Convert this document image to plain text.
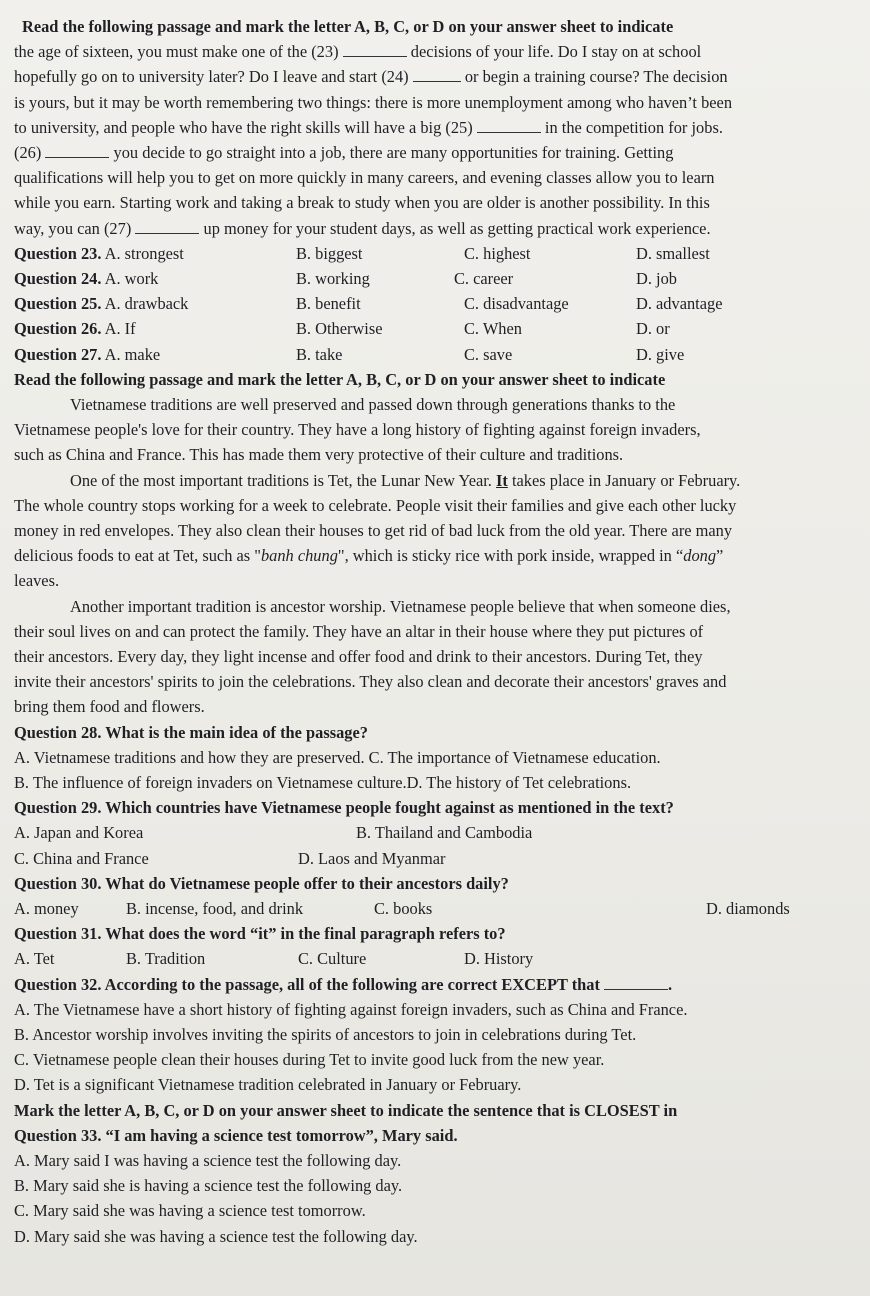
Read the following passage and mark the letter A, B, C, or D on your answer sheet to indicate
the age of sixteen, you must make one of the (23)	decisions of your life. Do I stay on at school
hopefully go on to university later? Do I leave and start (24)	or begin a training course? The decision
is yours, but it may be worth remembering two things: there is more unemployment among who haven’t been
to university, and people who have the right skills will have a big (25)	in the competition for jobs.
(26)	you decide to go straight into a job, there are many opportunities for training. Getting
qualifications will help you to get on more quickly in many careers, and evening classes allow you to learn
while you earn. Starting work and taking a break to study when you are older is another possibility. In this
way, you can (27)	up money for your student days, as well as getting practical work experience.
Question 23. A. strongest	B. biggest	C. highest	D. smallest
Question 24. A. work	B. working	C. career	D. job
Question 25. A. drawback	B. benefit	C. disadvantage	D. advantage
Question 26. A. If	B. Otherwise	C. When	D. or
Question 27. A. make	B. take	C. save	D. give
Read the following passage and mark the letter A, B, C, or D on your answer sheet to indicate
Vietnamese traditions are well preserved and passed down through generations thanks to the
Vietnamese people's love for their country. They have a long history of fighting against foreign invaders,
such as China and France. This has made them very protective of their culture and traditions.
One of the most important traditions is Tet, the Lunar New Year. It takes place in January or February.
The whole country stops working for a week to celebrate. People visit their families and give each other lucky
money in red envelopes. They also clean their houses to get rid of bad luck from the old year. There are many
delicious foods to eat at Tet, such as "banh chung", which is sticky rice with pork inside, wrapped in “dong”
leaves.
Another important tradition is ancestor worship. Vietnamese people believe that when someone dies,
their soul lives on and can protect the family. They have an altar in their house where they put pictures of
their ancestors. Every day, they light incense and offer food and drink to their ancestors. During Tet, they
invite their ancestors' spirits to join the celebrations. They also clean and decorate their ancestors' graves and
bring them food and flowers.
Question 28. What is the main idea of the passage?
A. Vietnamese traditions and how they are preserved. C. The importance of Vietnamese education.
B. The influence of foreign invaders on Vietnamese culture.D. The history of Tet celebrations.
Question 29. Which countries have Vietnamese people fought against as mentioned in the text?
A. Japan and Korea	B. Thailand and Cambodia
C. China and France	D. Laos and Myanmar
Question 30. What do Vietnamese people offer to their ancestors daily?
A. money	B. incense, food, and drink	C. books	D. diamonds
Question 31. What does the word “it” in the final paragraph refers to?
A. Tet	B. Tradition	C. Culture	D. History
Question 32. According to the passage, all of the following are correct EXCEPT that	.
A. The Vietnamese have a short history of fighting against foreign invaders, such as China and France.
B. Ancestor worship involves inviting the spirits of ancestors to join in celebrations during Tet.
C. Vietnamese people clean their houses during Tet to invite good luck from the new year.
D. Tet is a significant Vietnamese tradition celebrated in January or February.
Mark the letter A, B, C, or D on your answer sheet to indicate the sentence that is CLOSEST in
Question 33. “I am having a science test tomorrow”, Mary said.
A. Mary said I was having a science test the following day.
B. Mary said she is having a science test the following day.
C. Mary said she was having a science test tomorrow.
D. Mary said she was having a science test the following day.
